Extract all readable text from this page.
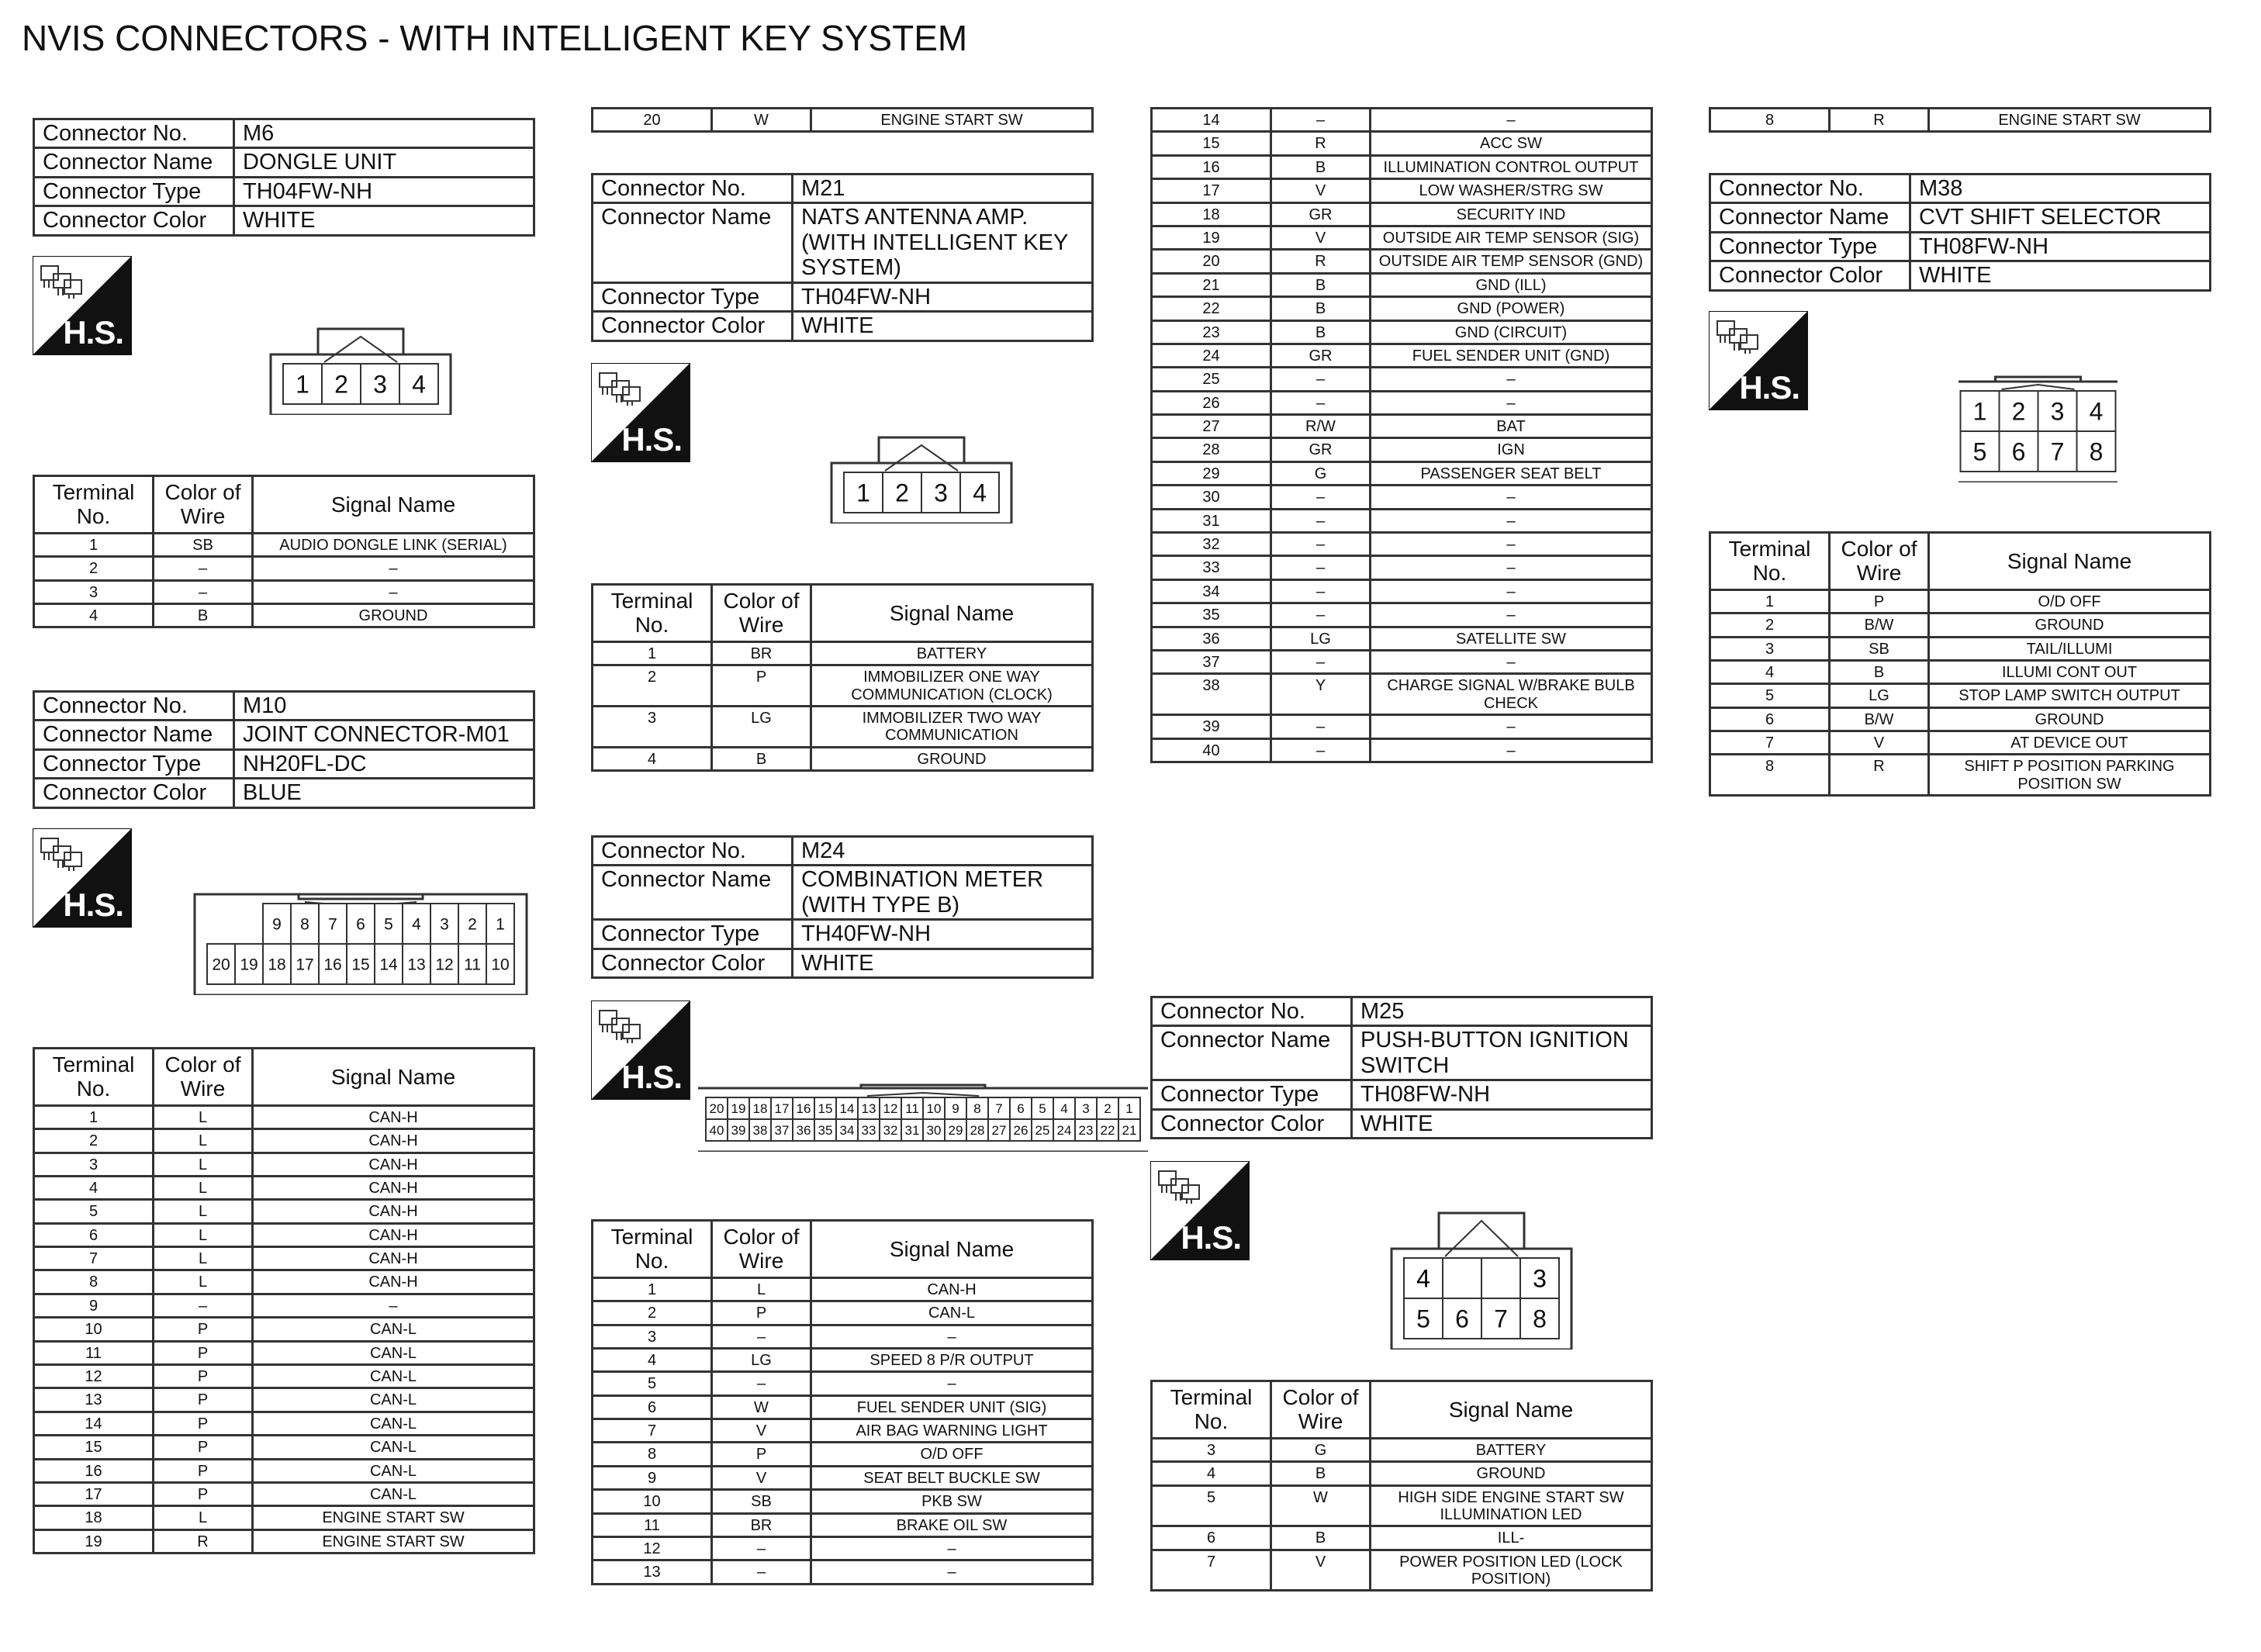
NVIS CONNECTORS - WITH INTELLIGENT KEY SYSTEM
Connector No.	M6
Connector Name	DONGLE UNIT
Connector Type	TH04FW-NH
Connector Color	WHITE
H.S.
1 2 3 4
Terminal No.	Color of Wire	Signal Name
1	SB	AUDIO DONGLE LINK (SERIAL)
2	–	–
3	–	–
4	B	GROUND
Connector No.	M10
Connector Name	JOINT CONNECTOR-M01
Connector Type	NH20FL-DC
Connector Color	BLUE
H.S.
9 8 7 6 5 4 3 2 1
20 19 18 17 16 15 14 13 12 11 10
Terminal No.	Color of Wire	Signal Name
1	L	CAN-H
2	L	CAN-H
3	L	CAN-H
4	L	CAN-H
5	L	CAN-H
6	L	CAN-H
7	L	CAN-H
8	L	CAN-H
9	–	–
10	P	CAN-L
11	P	CAN-L
12	P	CAN-L
13	P	CAN-L
14	P	CAN-L
15	P	CAN-L
16	P	CAN-L
17	P	CAN-L
18	L	ENGINE START SW
19	R	ENGINE START SW
20	W	ENGINE START SW
Connector No.	M21
Connector Name	NATS ANTENNA AMP. (WITH INTELLIGENT KEY SYSTEM)
Connector Type	TH04FW-NH
Connector Color	WHITE
H.S.
1 2 3 4
Terminal No.	Color of Wire	Signal Name
1	BR	BATTERY
2	P	IMMOBILIZER ONE WAY COMMUNICATION (CLOCK)
3	LG	IMMOBILIZER TWO WAY COMMUNICATION
4	B	GROUND
Connector No.	M24
Connector Name	COMBINATION METER (WITH TYPE B)
Connector Type	TH40FW-NH
Connector Color	WHITE
H.S.
20 19 18 17 16 15 14 13 12 11 10 9 8 7 6 5 4 3 2 1
40 39 38 37 36 35 34 33 32 31 30 29 28 27 26 25 24 23 22 21
Terminal No.	Color of Wire	Signal Name
1	L	CAN-H
2	P	CAN-L
3	–	–
4	LG	SPEED 8 P/R OUTPUT
5	–	–
6	W	FUEL SENDER UNIT (SIG)
7	V	AIR BAG WARNING LIGHT
8	P	O/D OFF
9	V	SEAT BELT BUCKLE SW
10	SB	PKB SW
11	BR	BRAKE OIL SW
12	–	–
13	–	–
14	–	–
15	R	ACC SW
16	B	ILLUMINATION CONTROL OUTPUT
17	V	LOW WASHER/STRG SW
18	GR	SECURITY IND
19	V	OUTSIDE AIR TEMP SENSOR (SIG)
20	R	OUTSIDE AIR TEMP SENSOR (GND)
21	B	GND (ILL)
22	B	GND (POWER)
23	B	GND (CIRCUIT)
24	GR	FUEL SENDER UNIT (GND)
25	–	–
26	–	–
27	R/W	BAT
28	GR	IGN
29	G	PASSENGER SEAT BELT
30	–	–
31	–	–
32	–	–
33	–	–
34	–	–
35	–	–
36	LG	SATELLITE SW
37	–	–
38	Y	CHARGE SIGNAL W/BRAKE BULB CHECK
39	–	–
40	–	–
Connector No.	M25
Connector Name	PUSH-BUTTON IGNITION SWITCH
Connector Type	TH08FW-NH
Connector Color	WHITE
H.S.
4	3
5 6 7 8
Terminal No.	Color of Wire	Signal Name
3	G	BATTERY
4	B	GROUND
5	W	HIGH SIDE ENGINE START SW ILLUMINATION LED
6	B	ILL-
7	V	POWER POSITION LED (LOCK POSITION)
8	R	ENGINE START SW
Connector No.	M38
Connector Name	CVT SHIFT SELECTOR
Connector Type	TH08FW-NH
Connector Color	WHITE
H.S.
1 2 3 4
5 6 7 8
Terminal No.	Color of Wire	Signal Name
1	P	O/D OFF
2	B/W	GROUND
3	SB	TAIL/ILLUMI
4	B	ILLUMI CONT OUT
5	LG	STOP LAMP SWITCH OUTPUT
6	B/W	GROUND
7	V	AT DEVICE OUT
8	R	SHIFT P POSITION PARKING POSITION SW
